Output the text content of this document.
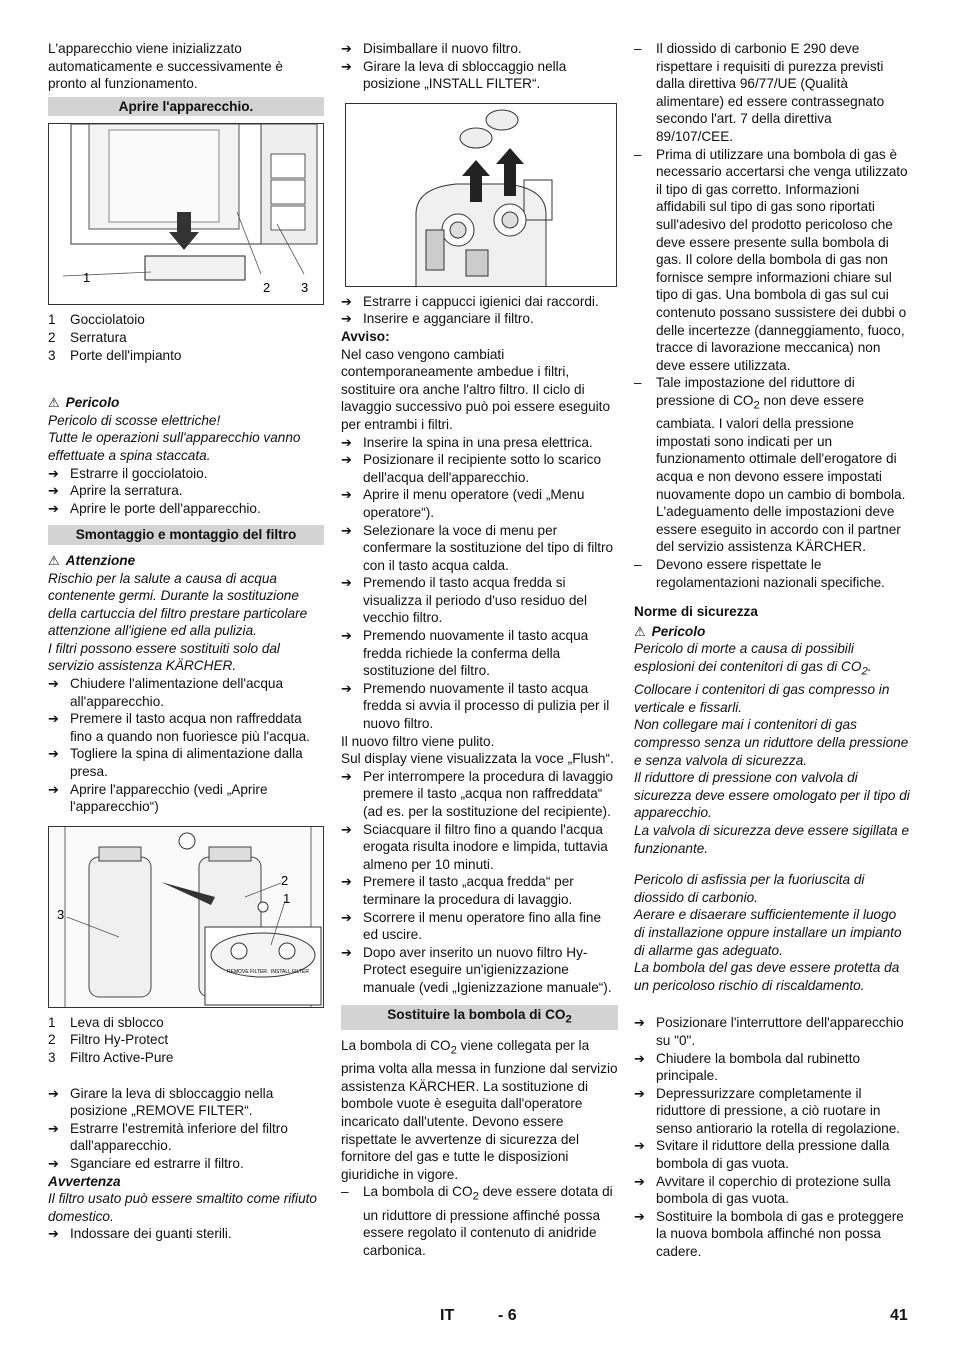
L'apparecchio viene inizializzato automaticamente e successivamente è pronto al funzionamento.

Aprire l'apparecchio.
1
2 3
1	Gocciolatoio
2	Serratura
3	Porte dell'impianto
⚠ Pericolo

Pericolo di scosse elettriche!

Tutte le operazioni sull'apparecchio vanno effettuate a spina staccata.

➔ Estrarre il gocciolatoio.
➔ Aprire la serratura.
➔ Aprire le porte dell'apparecchio.
Smontaggio e montaggio del filtro
⚠ Attenzione

Rischio per la salute a causa di acqua contenente germi. Durante la sostituzione della cartuccia del filtro prestare particolare attenzione all'igiene ed alla pulizia.

I filtri possono essere sostituiti solo dal servizio assistenza KÄRCHER.

➔ Chiudere l'alimentazione dell'acqua all'apparecchio.
➔ Premere il tasto acqua non raffreddata fino a quando non fuoriesce più l'acqua.
➔ Togliere la spina di alimentazione dalla presa.
➔ Aprire l'apparecchio (vedi „Aprire l'apparecchio“)
REMOVE FILTER INSTALL FILTER
3
2
1
1	Leva di sblocco
2	Filtro Hy-Protect
3	Filtro Active-Pure
➔ Girare la leva di sbloccaggio nella posizione „REMOVE FILTER“.
➔ Estrarre l'estremità inferiore del filtro dall'apparecchio.
➔ Sganciare ed estrarre il filtro.

Avvertenza

Il filtro usato può essere smaltito come rifiuto domestico.

➔ Indossare dei guanti sterili.
➔ Disimballare il nuovo filtro.
➔ Girare la leva di sbloccaggio nella posizione „INSTALL FILTER“.
➔ Estrarre i cappucci igienici dai raccordi.
➔ Inserire e agganciare il filtro.

Avviso:

Nel caso vengono cambiati contemporaneamente ambedue i filtri, sostituire ora anche l'altro filtro. Il ciclo di lavaggio successivo può poi essere eseguito per entrambi i filtri.

➔ Inserire la spina in una presa elettrica.
➔ Posizionare il recipiente sotto lo scarico dell'acqua dell'apparecchio.
➔ Aprire il menu operatore (vedi „Menu operatore“).
➔ Selezionare la voce di menu per confermare la sostituzione del tipo di filtro con il tasto acqua calda.
➔ Premendo il tasto acqua fredda si visualizza il periodo d'uso residuo del vecchio filtro.
➔ Premendo nuovamente il tasto acqua fredda richiede la conferma della sostituzione del filtro.
➔ Premendo nuovamente il tasto acqua fredda si avvia il processo di pulizia per il nuovo filtro.

Il nuovo filtro viene pulito.

Sul display viene visualizzata la voce „Flush“.

➔ Per interrompere la procedura di lavaggio premere il tasto „acqua non raffreddata“ (ad es. per la sostituzione del recipiente).
➔ Sciacquare il filtro fino a quando l'acqua erogata risulta inodore e limpida, tuttavia almeno per 10 minuti.
➔ Premere il tasto „acqua fredda“ per terminare la procedura di lavaggio.
➔ Scorrere il menu operatore fino alla fine ed uscire.
➔ Dopo aver inserito un nuovo filtro Hy-Protect eseguire un'igienizzazione manuale (vedi „Igienizzazione manuale“).
Sostituire la bombola di $CO_2$

La bombola di $CO_2$ viene collegata per la prima volta alla messa in funzione dal servizio assistenza KÄRCHER. La sostituzione di bombole vuote è eseguita dall'operatore incaricato dall'utente. Devono essere rispettate le avvertenze di sicurezza del fornitore del gas e tutte le disposizioni giuridiche in vigore.

–	La bombola di $CO_2$ deve essere dotata di un riduttore di pressione affinché possa essere regolato il contenuto di anidride carbonica.
–	Il diossido di carbonio E 290 deve rispettare i requisiti di purezza previsti dalla direttiva 96/77/UE (Qualità alimentare) ed essere contrassegnato secondo l'art. 7 della direttiva 89/107/CEE.
–	Prima di utilizzare una bombola di gas è necessario accertarsi che venga utilizzato il tipo di gas corretto. Informazioni affidabili sul tipo di gas sono riportati sull'adesivo del prodotto pericoloso che deve essere presente sulla bombola di gas. Il colore della bombola di gas non fornisce sempre informazioni chiare sul tipo di gas. Una bombola di gas sul cui contenuto possano sussistere dei dubbi o delle incertezze (danneggiamento, fuoco, tracce di lavorazione meccanica) non deve essere utilizzata.
–	Tale impostazione del riduttore di pressione di $CO_2$ non deve essere cambiata. I valori della pressione impostati sono indicati per un funzionamento ottimale dell'erogatore di acqua e non devono essere impostati nuovamente dopo un cambio di bombola. L'adeguamento delle impostazioni deve essere eseguito in accordo con il partner del servizio assistenza KÄRCHER.
–	Devono essere rispettate le regolamentazioni nazionali specifiche.

Norme di sicurezza

⚠ Pericolo

Pericolo di morte a causa di possibili esplosioni dei contenitori di gas di $CO_2$.

Collocare i contenitori di gas compresso in verticale e fissarli.

Non collegare mai i contenitori di gas compresso senza un riduttore della pressione e senza valvola di sicurezza.

Il riduttore di pressione con valvola di sicurezza deve essere omologato per il tipo di apparecchio.

La valvola di sicurezza deve essere sigillata e funzionante.

Pericolo di asfissia per la fuoriuscita di diossido di carbonio.

Aerare e disaerare sufficientemente il luogo di installazione oppure installare un impianto di allarme gas adeguato.

La bombola del gas deve essere protetta da un pericoloso rischio di riscaldamento.

➔ Posizionare l'interruttore dell'apparecchio su "0".
➔ Chiudere la bombola dal rubinetto principale.
➔ Depressurizzare completamente il riduttore di pressione, a ciò ruotare in senso antiorario la rotella di regolazione.
➔ Svitare il riduttore della pressione dalla bombola di gas vuota.
➔ Avvitare il coperchio di protezione sulla bombola di gas vuota.
➔ Sostituire la bombola di gas e proteggere la nuova bombola affinché non possa cadere.
IT	- 6	41
